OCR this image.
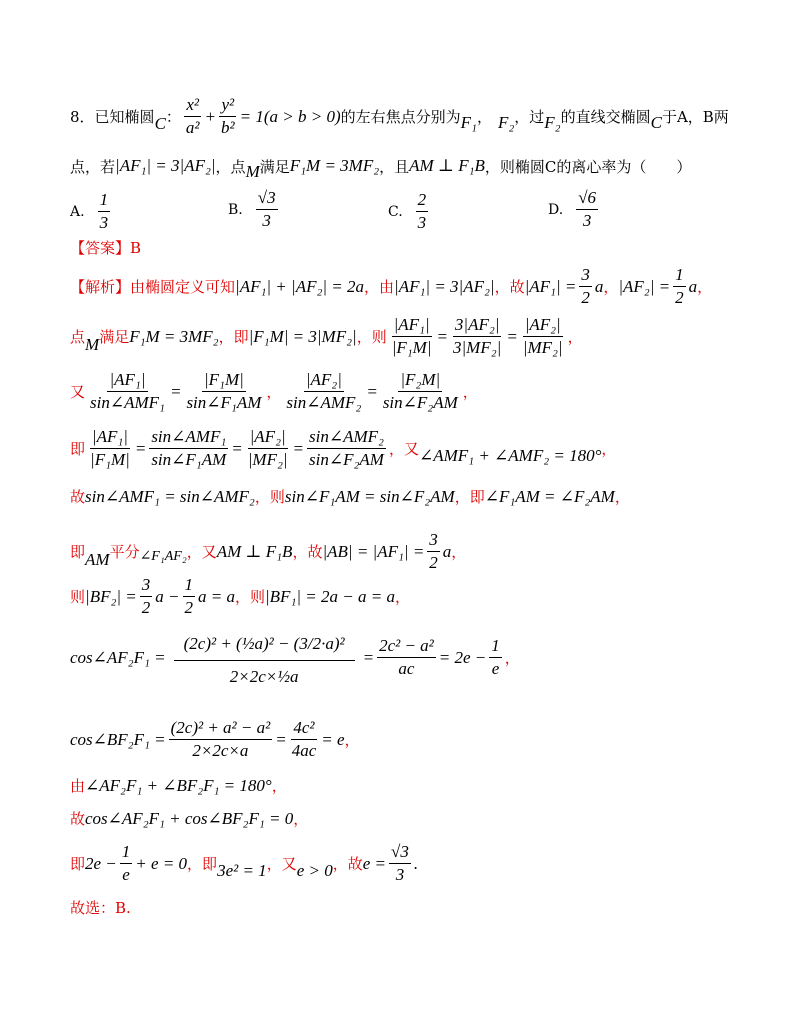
8． 已知椭圆 C ： $\frac{\text{x²}}{\text{a²}} + \frac{\text{y²}}{\text{b²}} = 1(a > b > 0)$ 的左右焦点分别为 F₁ ， F₂ ， 过 F₂ 的直线交椭圆 C 于A，B两
点，若 |AF₁| = 3|AF₂| ，点 M 满足 F₁M = 3MF₂ ，且 AM ⊥ F₁B ，则椭圆C的离心率为（　　）
A. $\frac{1}{3}$	B. $\frac{√3}{3}$	C. $\frac{2}{3}$	D. $\frac{√6}{3}$
【答案】 B
【解析】 由椭圆定义可知 |AF₁| + |AF₂| = 2a ，由 |AF₁| = 3|AF₂| ，故 $|AF_1| = \frac{3}{2}$ a ， $|AF_2| = \frac{1}{2}$ a ，
点 M 满足 F₁M = 3MF₂ ，即 |F₁M| = 3|MF₂| ，则 $\frac{\text{|AF₁|}}{\text{|F₁M|}} = \frac{\text{3|AF₂|}}{\text{3|MF₂|}} = \frac{\text{|AF₂|}}{\text{|MF₂|}}$ ，
又 $\frac{\text{|AF₁|}}{\text{sin∠AMF₁}} = \frac{\text{|F₁M|}}{\text{sin∠F₁AM}}$ ， $\frac{\text{|AF₂|}}{\text{sin∠AMF₂}} = \frac{\text{|F₂M|}}{\text{sin∠F₂AM}}$ ，
即 $\frac{\text{|AF₁|}}{\text{|F₁M|}} = \frac{\text{sin∠AMF₁}}{\text{sin∠F₁AM}} = \frac{\text{|AF₂|}}{\text{|MF₂|}} = \frac{\text{sin∠AMF₂}}{\text{sin∠F₂AM}}$ ，又 ∠AMF₁ + ∠AMF₂ = 180° ，
故 sin∠AMF₁ = sin∠AMF₂ ，则 sin∠F₁AM = sin∠F₂AM ，即 ∠F₁AM = ∠F₂AM ，
即 AM 平分 ∠F₁AF₂ ，又 AM ⊥ F₁B ，故 $|AB| = |AF_1| = \frac{3}{2}$ a ，
则 $|BF_2| = \frac{3}{2}$ $a - \frac{1}{2}$ a = a ，则 |BF₁| = 2a − a = a ，
cos∠AF₂F₁ = $\frac{\text{(2c)² + (½a)² − (3/2·a)²}}{\text{2×2c×½a}} = \frac{\text{2c² − a²}}{ac} = 2e - \frac{1}{e}$ ，
cos∠BF₂F₁ = $\frac{\text{(2c)² + a² − a²}}{2\times 2c\times a} = \frac{\text{4c²}}{4ac} = e$ ，
由 ∠AF₂F₁ + ∠BF₂F₁ = 180° ，
故 cos∠AF₂F₁ + cos∠BF₂F₁ = 0 ，
即 $2e - \frac{1}{e} + e = 0$ ，即 3e² = 1 ，又 e > 0 ，故 $e = \frac{√3}{3}$ .
故选：B.
